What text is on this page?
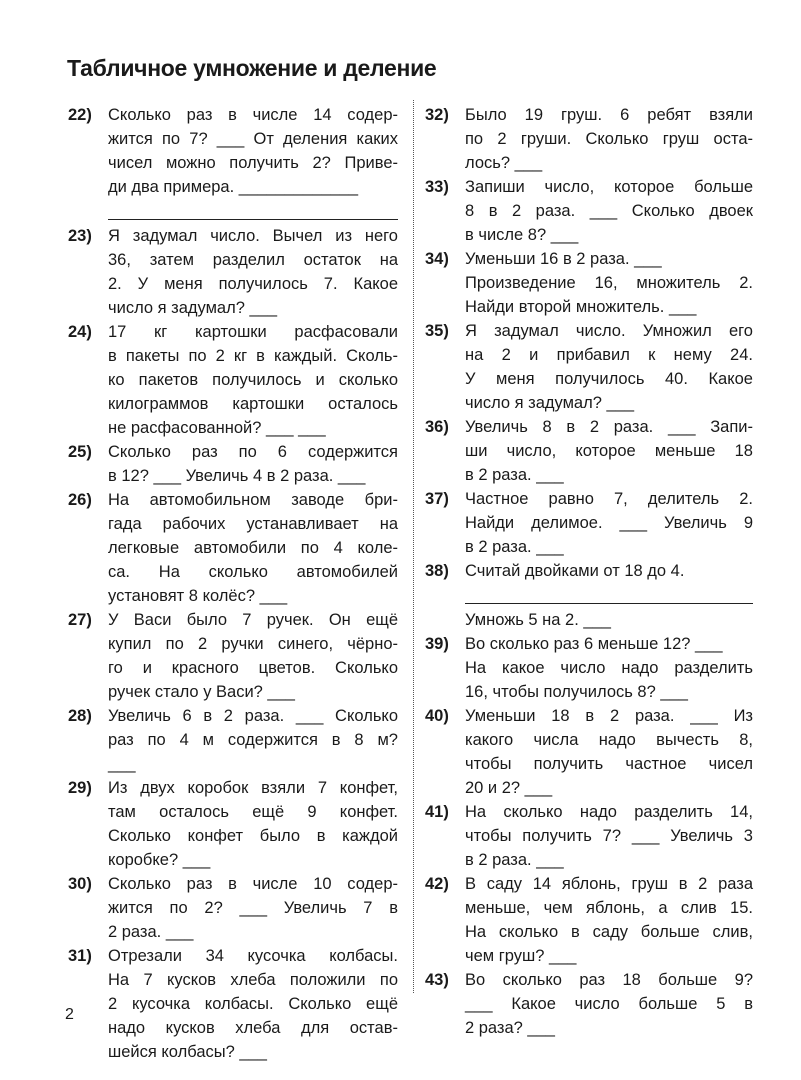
Табличное умножение и деление
22) Сколько раз в числе 14 содер-
жится по 7? ___ От деления каких
чисел можно получить 2? Приве-
ди два примера. _____________
23) Я задумал число. Вычел из него
36, затем разделил остаток на
2. У меня получилось 7. Какое
число я задумал? ___
24) 17 кг картошки расфасовали
в пакеты по 2 кг в каждый. Сколь-
ко пакетов получилось и сколько
килограммов картошки осталось
не расфасованной? ___ ___
25) Сколько раз по 6 содержится
в 12? ___ Увеличь 4 в 2 раза. ___
26) На автомобильном заводе бри-
гада рабочих устанавливает на
легковые автомобили по 4 коле-
са. На сколько автомобилей
установят 8 колёс? ___
27) У Васи было 7 ручек. Он ещё
купил по 2 ручки синего, чёрно-
го и красного цветов. Сколько
ручек стало у Васи? ___
28) Увеличь 6 в 2 раза. ___ Сколько
раз по 4 м содержится в 8 м?
___
29) Из двух коробок взяли 7 конфет,
там осталось ещё 9 конфет.
Сколько конфет было в каждой
коробке? ___
30) Сколько раз в числе 10 содер-
жится по 2? ___ Увеличь 7 в
2 раза. ___
31) Отрезали 34 кусочка колбасы.
На 7 кусков хлеба положили по
2 кусочка колбасы. Сколько ещё
надо кусков хлеба для остав-
шейся колбасы? ___
32) Было 19 груш. 6 ребят взяли
по 2 груши. Сколько груш оста-
лось? ___
33) Запиши число, которое больше
8 в 2 раза. ___ Сколько двоек
в числе 8? ___
34) Уменьши 16 в 2 раза. ___
Произведение 16, множитель 2.
Найди второй множитель. ___
35) Я задумал число. Умножил его
на 2 и прибавил к нему 24.
У меня получилось 40. Какое
число я задумал? ___
36) Увеличь 8 в 2 раза. ___ Запи-
ши число, которое меньше 18
в 2 раза. ___
37) Частное равно 7, делитель 2.
Найди делимое. ___ Увеличь 9
в 2 раза. ___
38) Считай двойками от 18 до 4.
Умножь 5 на 2. ___
39) Во сколько раз 6 меньше 12? ___
На какое число надо разделить
16, чтобы получилось 8? ___
40) Уменьши 18 в 2 раза. ___ Из
какого числа надо вычесть 8,
чтобы получить частное чисел
20 и 2? ___
41) На сколько надо разделить 14,
чтобы получить 7? ___ Увеличь 3
в 2 раза. ___
42) В саду 14 яблонь, груш в 2 раза
меньше, чем яблонь, а слив 15.
На сколько в саду больше слив,
чем груш? ___
43) Во сколько раз 18 больше 9?
___ Какое число больше 5 в
2 раза? ___
2
